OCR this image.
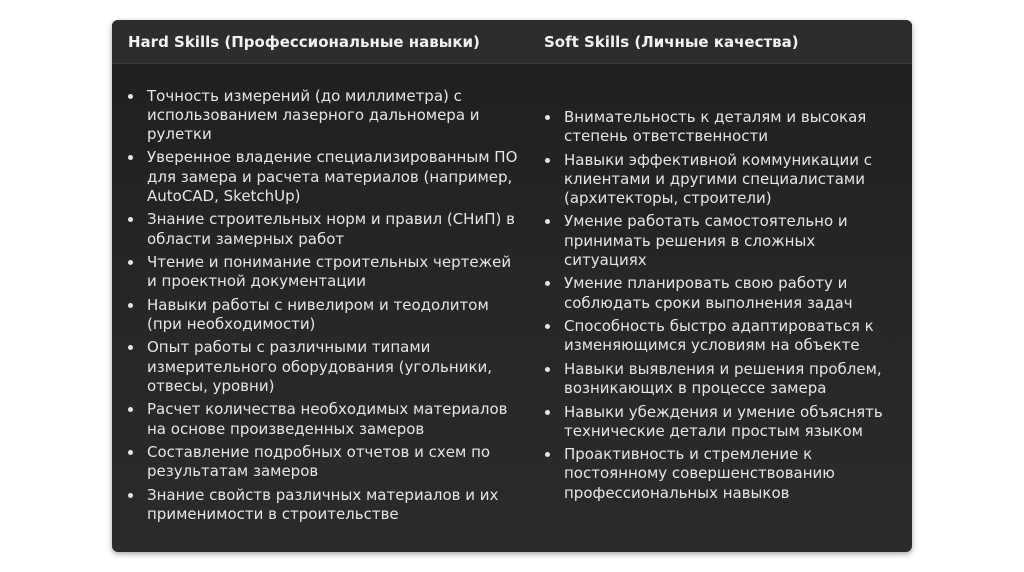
Hard Skills (Профессиональные навыки)	Soft Skills (Личные качества)
Точность измерений (до миллиметра) с использованием лазерного дальномера и рулетки
Уверенное владение специализированным ПО для замера и расчета материалов (например, AutoCAD, SketchUp)
Знание строительных норм и правил (СНиП) в области замерных работ
Чтение и понимание строительных чертежей и проектной документации
Навыки работы с нивелиром и теодолитом (при необходимости)
Опыт работы с различными типами измерительного оборудования (угольники, отвесы, уровни)
Расчет количества необходимых материалов на основе произведенных замеров
Составление подробных отчетов и схем по результатам замеров
Знание свойств различных материалов и их применимости в строительстве
Внимательность к деталям и высокая степень ответственности
Навыки эффективной коммуникации с клиентами и другими специалистами (архитекторы, строители)
Умение работать самостоятельно и принимать решения в сложных ситуациях
Умение планировать свою работу и соблюдать сроки выполнения задач
Способность быстро адаптироваться к изменяющимся условиям на объекте
Навыки выявления и решения проблем, возникающих в процессе замера
Навыки убеждения и умение объяснять технические детали простым языком
Проактивность и стремление к постоянному совершенствованию профессиональных навыков
